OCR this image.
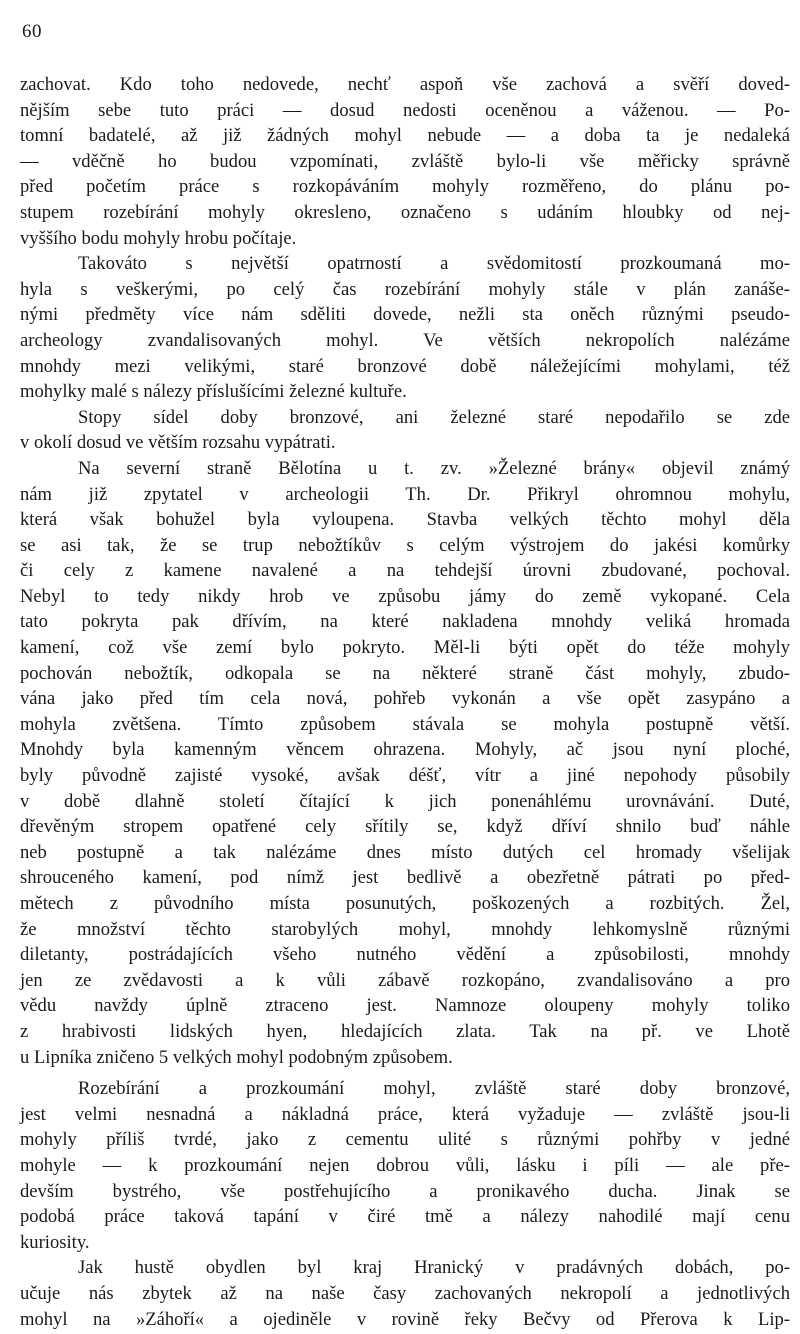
60
zachovat. Kdo toho nedovede, nechť aspoň vše zachová a svěří doved-
nějším sebe tuto práci — dosud nedosti oceněnou a váženou. — Po-
tomní badatelé, až již žádných mohyl nebude — a doba ta je nedaleká
— vděčně ho budou vzpomínati, zvláště bylo-li vše měřicky správně
před početím práce s rozkopáváním mohyly rozměřeno, do plánu po-
stupem rozebírání mohyly okresleno, označeno s udáním hloubky od nej-
vyššího bodu mohyly hrobu počítaje.
Takováto s největší opatrností a svědomitostí prozkoumaná mo-
hyla s veškerými, po celý čas rozebírání mohyly stále v plán zanáše-
nými předměty více nám sděliti dovede, nežli sta oněch různými pseudo-
archeology zvandalisovaných mohyl. Ve větších nekropolích nalézáme
mnohdy mezi velikými, staré bronzové době náležejícími mohylami, též
mohylky malé s nálezy příslušícími železné kultuře.
Stopy sídel doby bronzové, ani železné staré nepodařilo se zde
v okolí dosud ve větším rozsahu vypátrati.
Na severní straně Bělotína u t. zv. »Železné brány« objevil známý
nám již zpytatel v archeologii Th. Dr. Přikryl ohromnou mohylu,
která však bohužel byla vyloupena. Stavba velkých těchto mohyl děla
se asi tak, že se trup nebožtíkův s celým výstrojem do jakési komůrky
či cely z kamene navalené a na tehdejší úrovni zbudované, pochoval.
Nebyl to tedy nikdy hrob ve způsobu jámy do země vykopané. Cela
tato pokryta pak dřívím, na které nakladena mnohdy veliká hromada
kamení, což vše zemí bylo pokryto. Měl-li býti opět do téže mohyly
pochován nebožtík, odkopala se na některé straně část mohyly, zbudo-
vána jako před tím cela nová, pohřeb vykonán a vše opět zasypáno a
mohyla zvětšena. Tímto způsobem stávala se mohyla postupně větší.
Mnohdy byla kamenným věncem ohrazena. Mohyly, ač jsou nyní ploché,
byly původně zajisté vysoké, avšak déšť, vítr a jiné nepohody působily
v době dlahně století čítající k jich ponenáhlému urovnávání. Duté,
dřevěným stropem opatřené cely sřítily se, když dříví shnilo buď náhle
neb postupně a tak nalézáme dnes místo dutých cel hromady všelijak
shrouceného kamení, pod nímž jest bedlivě a obezřetně pátrati po před-
mětech z původního místa posunutých, poškozených a rozbitých. Žel,
že množství těchto starobylých mohyl, mnohdy lehkomyslně různými
diletanty, postrádajících všeho nutného vědění a způsobilosti, mnohdy
jen ze zvědavosti a k vůli zábavě rozkopáno, zvandalisováno a pro
vědu navždy úplně ztraceno jest. Namnoze oloupeny mohyly toliko
z hrabivosti lidských hyen, hledajících zlata. Tak na př. ve Lhotě
u Lipníka zničeno 5 velkých mohyl podobným způsobem.
Rozebírání a prozkoumání mohyl, zvláště staré doby bronzové,
jest velmi nesnadná a nákladná práce, která vyžaduje — zvláště jsou-li
mohyly příliš tvrdé, jako z cementu ulité s různými pohřby v jedné
mohyle — k prozkoumání nejen dobrou vůli, lásku i píli — ale pře-
devším bystrého, vše postřehujícího a pronikavého ducha. Jinak se
podobá práce taková tapání v čiré tmě a nálezy nahodilé mají cenu
kuriosity.
Jak hustě obydlen byl kraj Hranický v pradávných dobách, po-
učuje nás zbytek až na naše časy zachovaných nekropolí a jednotlivých
mohyl na »Záhoří« a ojediněle v rovině řeky Bečvy od Přerova k Lip-
